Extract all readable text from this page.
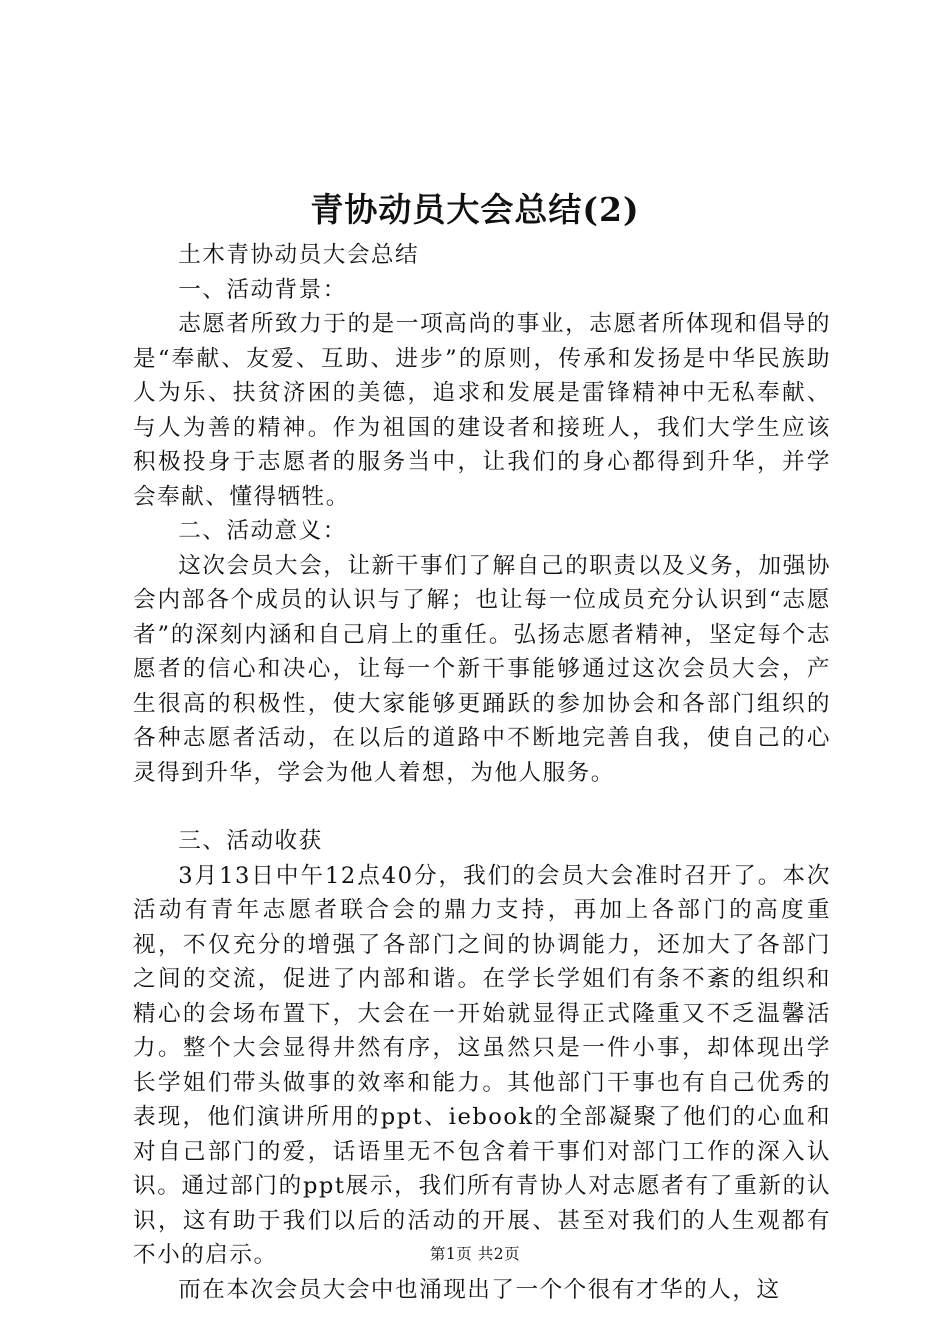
青协动员大会总结(2)

土木青协动员大会总结

一、活动背景：

志愿者所致力于的是一项高尚的事业，志愿者所体现和倡导的是“奉献、友爱、互助、进步”的原则，传承和发扬是中华民族助人为乐、扶贫济困的美德，追求和发展是雷锋精神中无私奉献、与人为善的精神。作为祖国的建设者和接班人，我们大学生应该积极投身于志愿者的服务当中，让我们的身心都得到升华，并学会奉献、懂得牺牲。

二、活动意义：

这次会员大会，让新干事们了解自己的职责以及义务，加强协会内部各个成员的认识与了解；也让每一位成员充分认识到“志愿者”的深刻内涵和自己肩上的重任。弘扬志愿者精神，坚定每个志愿者的信心和决心，让每一个新干事能够通过这次会员大会，产生很高的积极性，使大家能够更踊跃的参加协会和各部门组织的各种志愿者活动，在以后的道路中不断地完善自我，使自己的心灵得到升华，学会为他人着想，为他人服务。

三、活动收获

3月13日中午12点40分，我们的会员大会准时召开了。本次活动有青年志愿者联合会的鼎力支持，再加上各部门的高度重视，不仅充分的增强了各部门之间的协调能力，还加大了各部门之间的交流，促进了内部和谐。在学长学姐们有条不紊的组织和精心的会场布置下，大会在一开始就显得正式隆重又不乏温馨活力。整个大会显得井然有序，这虽然只是一件小事，却体现出学长学姐们带头做事的效率和能力。其他部门干事也有自己优秀的表现，他们演讲所用的ppt、iebook的全部凝聚了他们的心血和对自己部门的爱，话语里无不包含着干事们对部门工作的深入认识。通过部门的ppt展示，我们所有青协人对志愿者有了重新的认识，这有助于我们以后的活动的开展、甚至对我们的人生观都有不小的启示。

而在本次会员大会中也涌现出了一个个很有才华的人，这

第1页 共2页
